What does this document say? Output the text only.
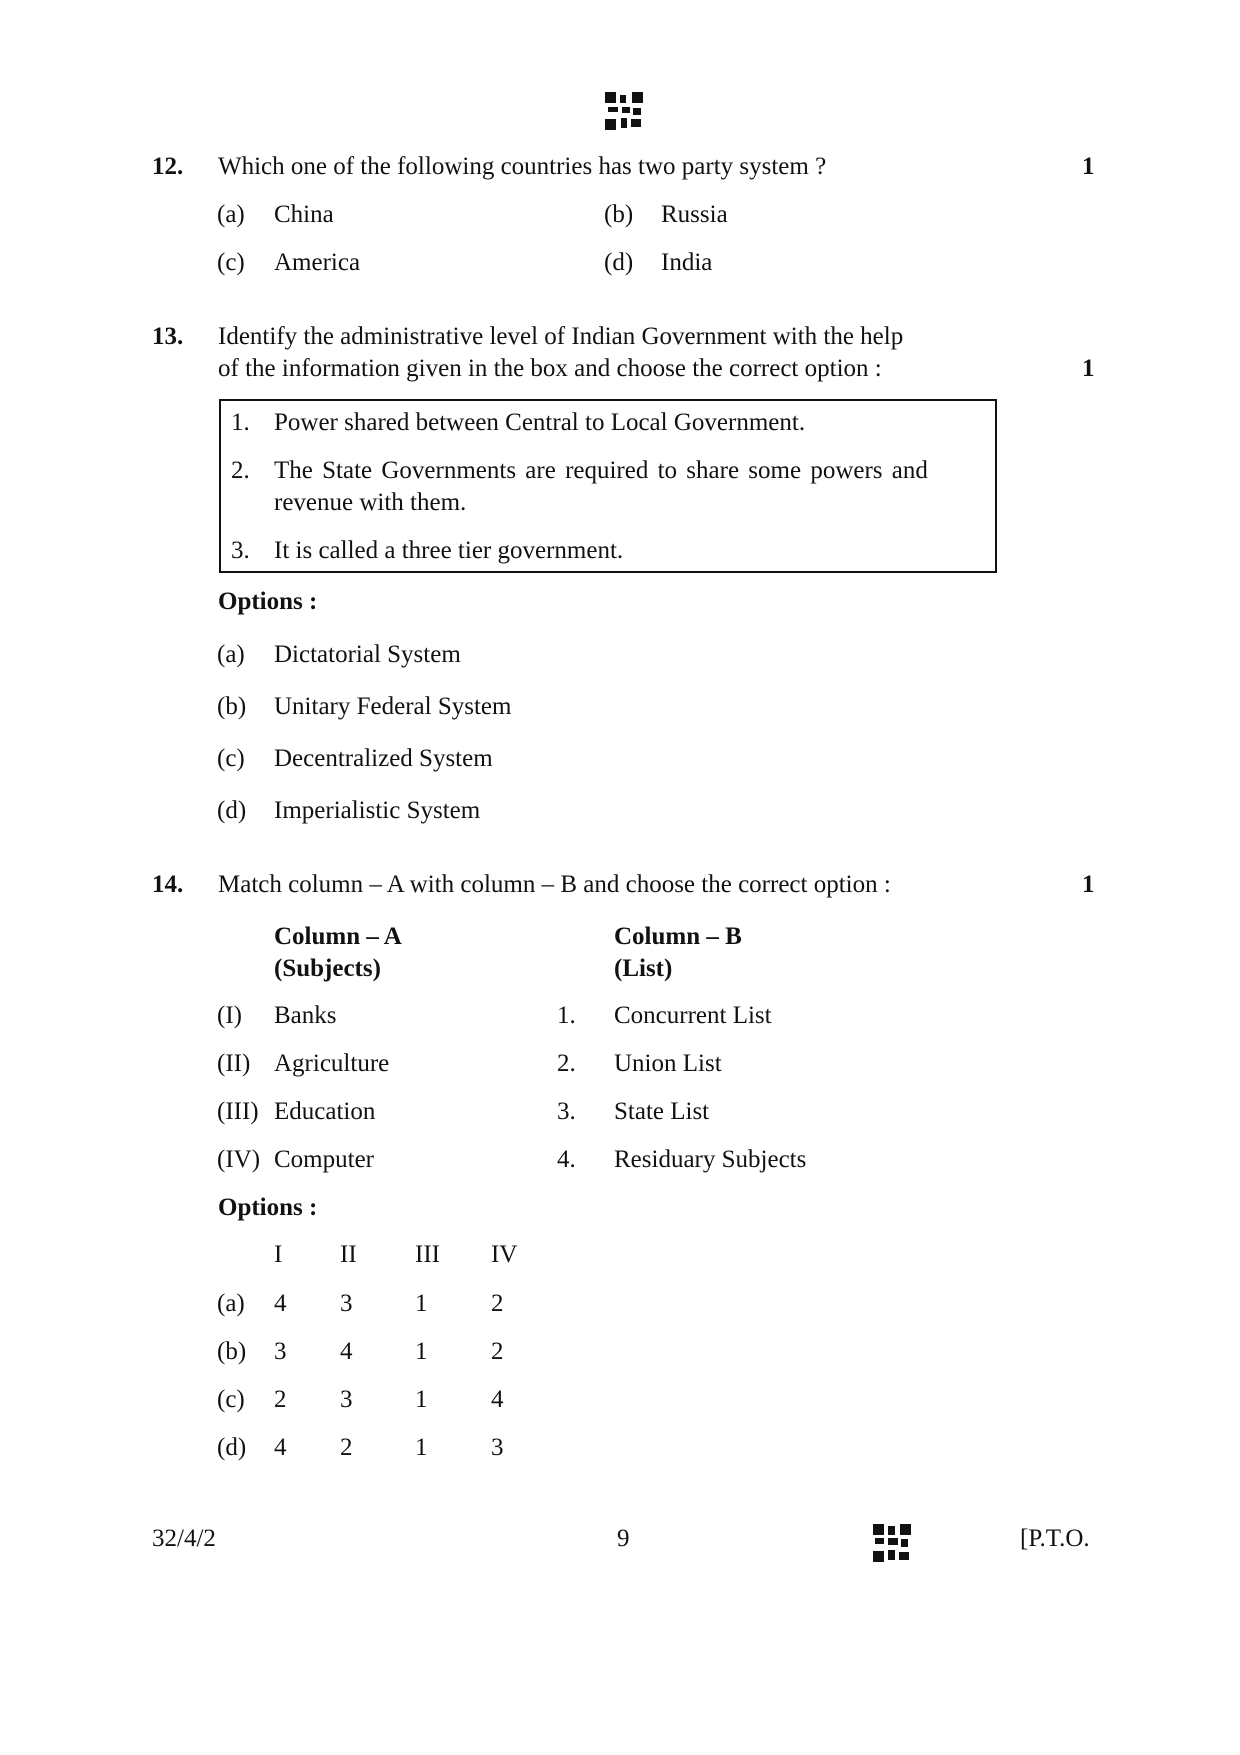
12. Which one of the following countries has two party system ?	1
(a) China	(b) Russia
(c) America	(d) India
13. Identify the administrative level of Indian Government with the help
of the information given in the box and choose the correct option :	1
1. Power shared between Central to Local Government.
2. The State Governments are required to share some powers and
revenue with them.
3. It is called a three tier government.
Options :
(a) Dictatorial System
(b) Unitary Federal System
(c) Decentralized System
(d) Imperialistic System
14. Match column – A with column – B and choose the correct option :	1
Column – A
(Subjects)
Column – B
(List)
(I) Banks	1. Concurrent List
(II) Agriculture	2. Union List
(III) Education	3. State List
(IV) Computer	4. Residuary Subjects
Options :
I II III IV
(a) 4 3	1	2
(b) 3 4	1	2
(c) 2 3	1	4
(d) 4 2	1	3
32/4/2	9	[P.T.O.
